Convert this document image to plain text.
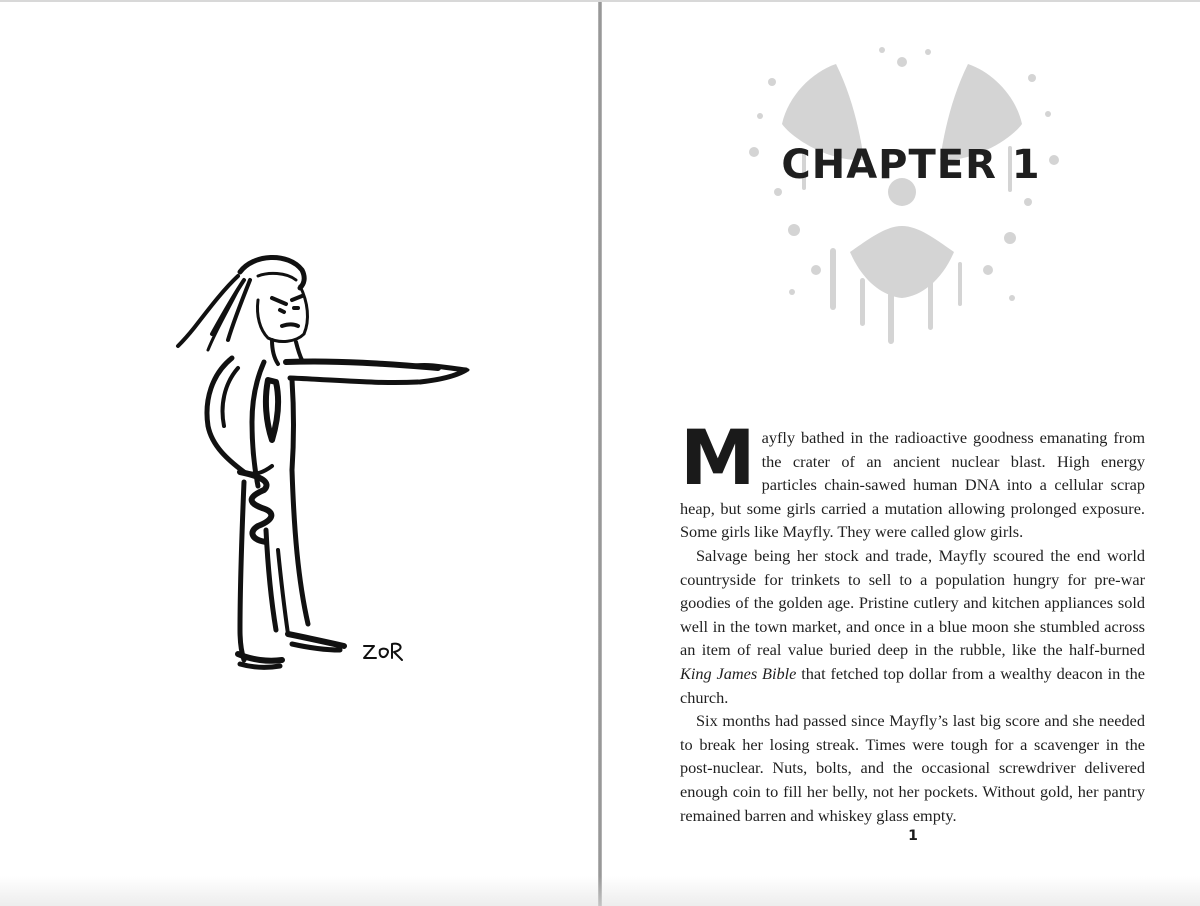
CHAPTER 1

Mayfly bathed in the radioactive goodness emanating from the crater of an ancient nuclear blast. High energy particles chain-sawed human DNA into a cellular scrap heap, but some girls carried a mutation allowing prolonged exposure. Some girls like Mayfly. They were called glow girls.

Salvage being her stock and trade, Mayfly scoured the end world countryside for trinkets to sell to a population hungry for pre-war goodies of the golden age. Pristine cutlery and kitchen appliances sold well in the town market, and once in a blue moon she stumbled across an item of real value buried deep in the rubble, like the half-burned King James Bible that fetched top dollar from a wealthy deacon in the church.

Six months had passed since Mayfly’s last big score and she needed to break her losing streak. Times were tough for a scavenger in the post-nuclear. Nuts, bolts, and the occasional screwdriver delivered enough coin to fill her belly, not her pockets. Without gold, her pantry remained barren and whiskey glass empty.

1
